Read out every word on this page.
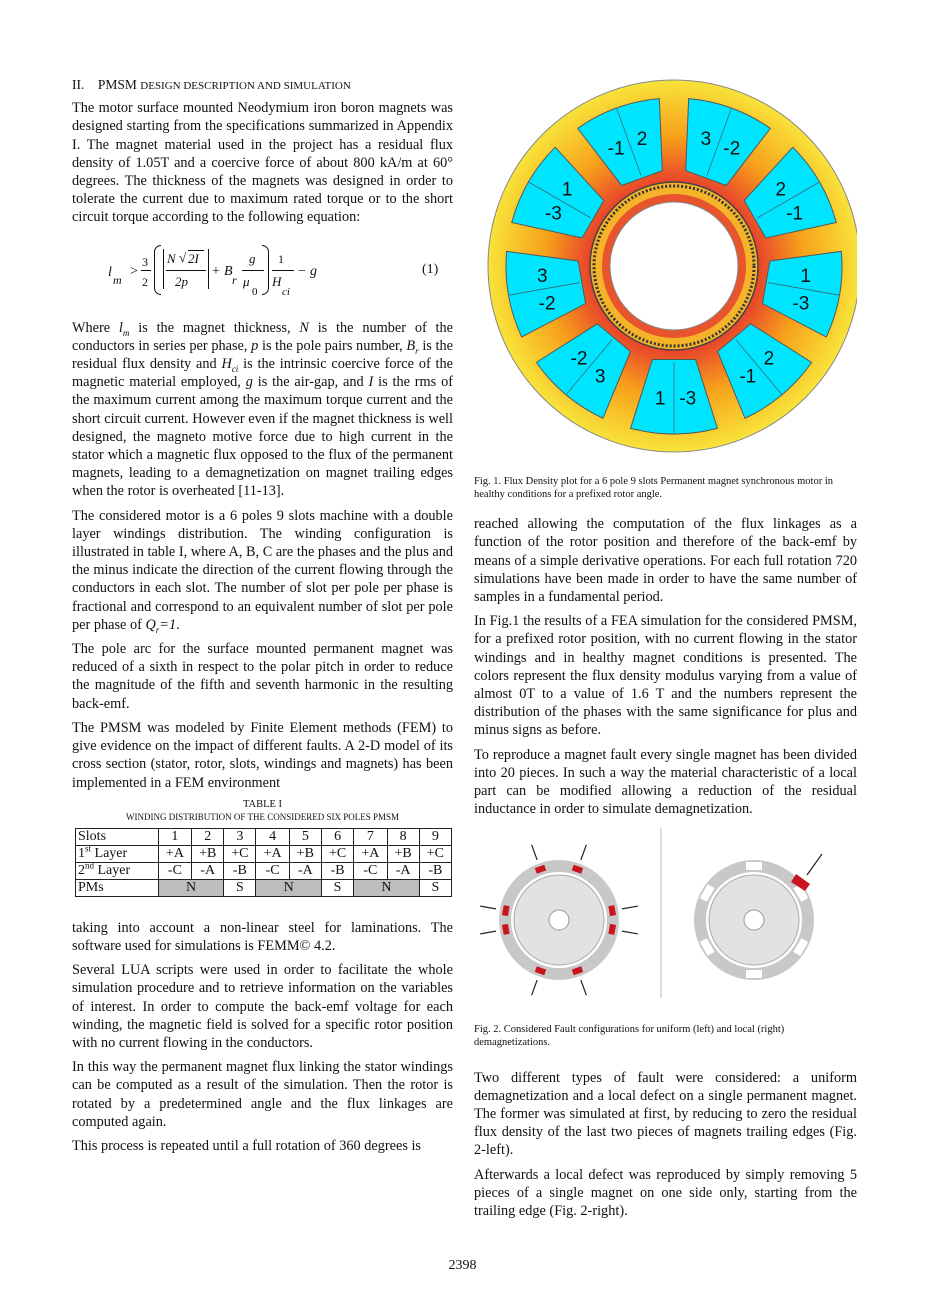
II. PMSM DESIGN DESCRIPTION AND SIMULATION

The motor surface mounted Neodymium iron boron magnets was designed starting from the specifications summarized in Appendix I. The magnet material used in the project has a residual flux density of 1.05T and a coercive force of about 800 kA/m at 60° degrees. The thickness of the magnets was designed in order to tolerate the current due to maximum rated torque or to the short circuit torque according to the following equation:

l m
>
3
2
N √ 2I
2p
+ B
r
g
μ
0
1
H
ci
− g	(1)

Where $l_m$ is the magnet thickness, N is the number of the conductors in series per phase, p is the pole pairs number, $B_r$ is the residual flux density and $H_{ci}$ is the intrinsic coercive force of the magnetic material employed, g is the air-gap, and I is the rms of the maximum current among the maximum torque current and the short circuit current. However even if the magnet thickness is well designed, the magneto motive force due to high current in the stator which a magnetic flux opposed to the flux of the permanent magnets, leading to a demagnetization on magnet trailing edges when the rotor is overheated [11-13].

The considered motor is a 6 poles 9 slots machine with a double layer windings distribution. The winding configuration is illustrated in table I, where A, B, C are the phases and the plus and the minus indicate the direction of the current flowing through the conductors in each slot. The number of slot per pole per phase is fractional and correspond to an equivalent number of slot per pole per phase of $Q_r=1$.

The pole arc for the surface mounted permanent magnet was reduced of a sixth in respect to the polar pitch in order to reduce the magnitude of the fifth and seventh harmonic in the resulting back-emf.

The PMSM was modeled by Finite Element methods (FEM) to give evidence on the impact of different faults. A 2-D model of its cross section (stator, rotor, slots, windings and magnets) has been implemented in a FEM environment

TABLE I
WINDING DISTRIBUTION OF THE CONSIDERED SIX POLES PMSM
Slots	1	2	3	4	5	6	7	8	9
1st Layer	+A	+B	+C	+A	+B	+C	+A	+B	+C
2nd Layer	-C	-A	-B	-C	-A	-B	-C	-A	-B
PMs	N		S	N		S	N		S

taking into account a non-linear steel for laminations. The software used for simulations is FEMM© 4.2.

Several LUA scripts were used in order to facilitate the whole simulation procedure and to retrieve information on the variables of interest. In order to compute the back-emf voltage for each winding, the magnetic field is solved for a specific rotor position with no current flowing in the conductors.

In this way the permanent magnet flux linking the stator windings can be computed as a result of the simulation. Then the rotor is rotated by a predetermined angle and the flux linkages are computed again.

This process is repeated until a full rotation of 360 degrees is

3 -2
2
-1
1
-3
2
-1
-3
1
3
-2
-2
3
-3
1
-1 2
Fig. 1. Flux Density plot for a 6 pole 9 slots Permanent magnet synchronous motor in healthy conditions for a prefixed rotor angle.

reached allowing the computation of the flux linkages as a function of the rotor position and therefore of the back-emf by means of a simple derivative operations. For each full rotation 720 simulations have been made in order to have the same number of samples in a fundamental period.

In Fig.1 the results of a FEA simulation for the considered PMSM, for a prefixed rotor position, with no current flowing in the stator windings and in healthy magnet conditions is presented. The colors represent the flux density modulus varying from a value of almost 0T to a value of 1.6 T and the numbers represent the distribution of the phases with the same significance for plus and minus signs as before.

To reproduce a magnet fault every single magnet has been divided into 20 pieces. In such a way the material characteristic of a local part can be modified allowing a reduction of the residual inductance in order to simulate demagnetization.

Fig. 2. Considered Fault configurations for uniform (left) and local (right) demagnetizations.

Two different types of fault were considered: a uniform demagnetization and a local defect on a single permanent magnet. The former was simulated at first, by reducing to zero the residual flux density of the last two pieces of magnets trailing edges (Fig. 2-left).

Afterwards a local defect was reproduced by simply removing 5 pieces of a single magnet on one side only, starting from the trailing edge (Fig. 2-right).

2398
